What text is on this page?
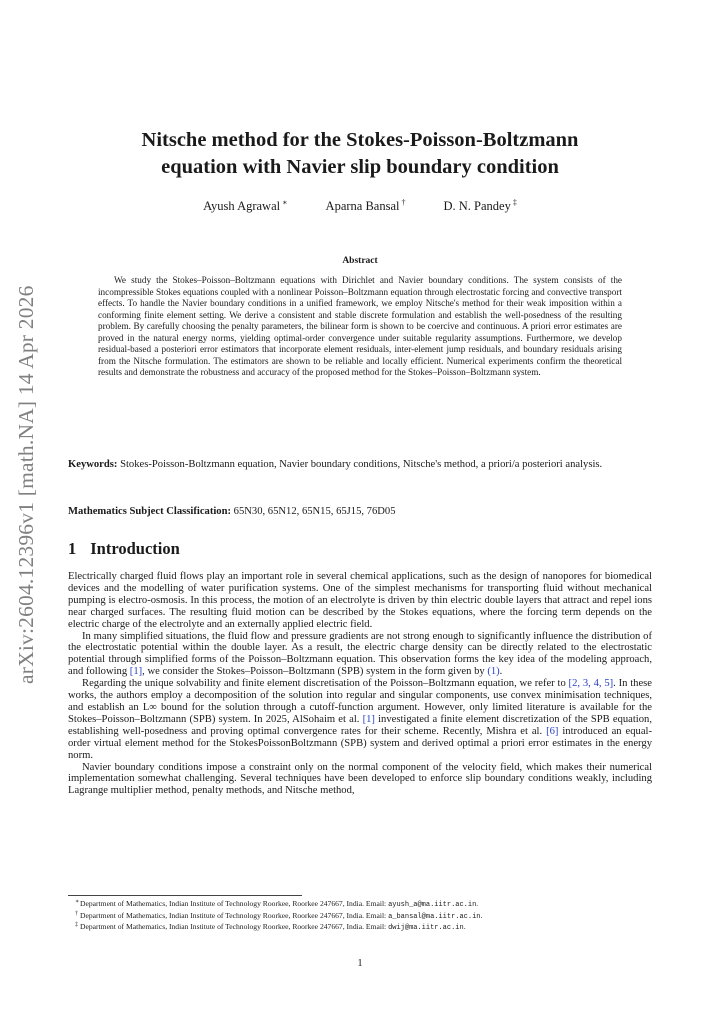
arXiv:2604.12396v1 [math.NA] 14 Apr 2026
Nitsche method for the Stokes-Poisson-Boltzmann
equation with Navier slip boundary condition
Ayush Agrawal ∗	Aparna Bansal †	D. N. Pandey ‡
Abstract
We study the Stokes–Poisson–Boltzmann equations with Dirichlet and Navier boundary conditions. The system consists of the incompressible Stokes equations coupled with a nonlinear Poisson–Boltzmann equation through electrostatic forcing and convective transport effects. To handle the Navier boundary conditions in a unified framework, we employ Nitsche's method for their weak imposition within a conforming finite element setting. We derive a consistent and stable discrete formulation and establish the well-posedness of the resulting problem. By carefully choosing the penalty parameters, the bilinear form is shown to be coercive and continuous. A priori error estimates are proved in the natural energy norms, yielding optimal-order convergence under suitable regularity assumptions. Furthermore, we develop residual-based a posteriori error estimators that incorporate element residuals, inter-element jump residuals, and boundary residuals arising from the Nitsche formulation. The estimators are shown to be reliable and locally efficient. Numerical experiments confirm the theoretical results and demonstrate the robustness and accuracy of the proposed method for the Stokes–Poisson–Boltzmann system.
Keywords: Stokes-Poisson-Boltzmann equation, Navier boundary conditions, Nitsche's method, a priori/a posteriori analysis.
Mathematics Subject Classification: 65N30, 65N12, 65N15, 65J15, 76D05
1 Introduction

Electrically charged fluid flows play an important role in several chemical applications, such as the design of nanopores for biomedical devices and the modelling of water purification systems. One of the simplest mechanisms for transporting fluid without mechanical pumping is electro-osmosis. In this process, the motion of an electrolyte is driven by thin electric double layers that attract and repel ions near charged surfaces. The resulting fluid motion can be described by the Stokes equations, where the forcing term depends on the electric charge of the electrolyte and an externally applied electric field.

In many simplified situations, the fluid flow and pressure gradients are not strong enough to significantly influence the distribution of the electrostatic potential within the double layer. As a result, the electric charge density can be directly related to the electrostatic potential through simplified forms of the Poisson–Boltzmann equation. This observation forms the key idea of the modeling approach, and following [1], we consider the Stokes–Poisson–Boltzmann (SPB) system in the form given by (1).

Regarding the unique solvability and finite element discretisation of the Poisson–Boltzmann equation, we refer to [2, 3, 4, 5]. In these works, the authors employ a decomposition of the solution into regular and singular components, use convex minimisation techniques, and establish an L∞ bound for the solution through a cutoff-function argument. However, only limited literature is available for the Stokes–Poisson–Boltzmann (SPB) system. In 2025, AlSohaim et al. [1] investigated a finite element discretization of the SPB equation, establishing well-posedness and proving optimal convergence rates for their scheme. Recently, Mishra et al. [6] introduced an equal-order virtual element method for the StokesPoissonBoltzmann (SPB) system and derived optimal a priori error estimates in the energy norm.

Navier boundary conditions impose a constraint only on the normal component of the velocity field, which makes their numerical implementation somewhat challenging. Several techniques have been developed to enforce slip boundary conditions weakly, including Lagrange multiplier method, penalty methods, and Nitsche method,

∗ Department of Mathematics, Indian Institute of Technology Roorkee, Roorkee 247667, India. Email: ayush_a@ma.iitr.ac.in.
† Department of Mathematics, Indian Institute of Technology Roorkee, Roorkee 247667, India. Email: a_bansal@ma.iitr.ac.in.
‡ Department of Mathematics, Indian Institute of Technology Roorkee, Roorkee 247667, India. Email: dwij@ma.iitr.ac.in.
1
